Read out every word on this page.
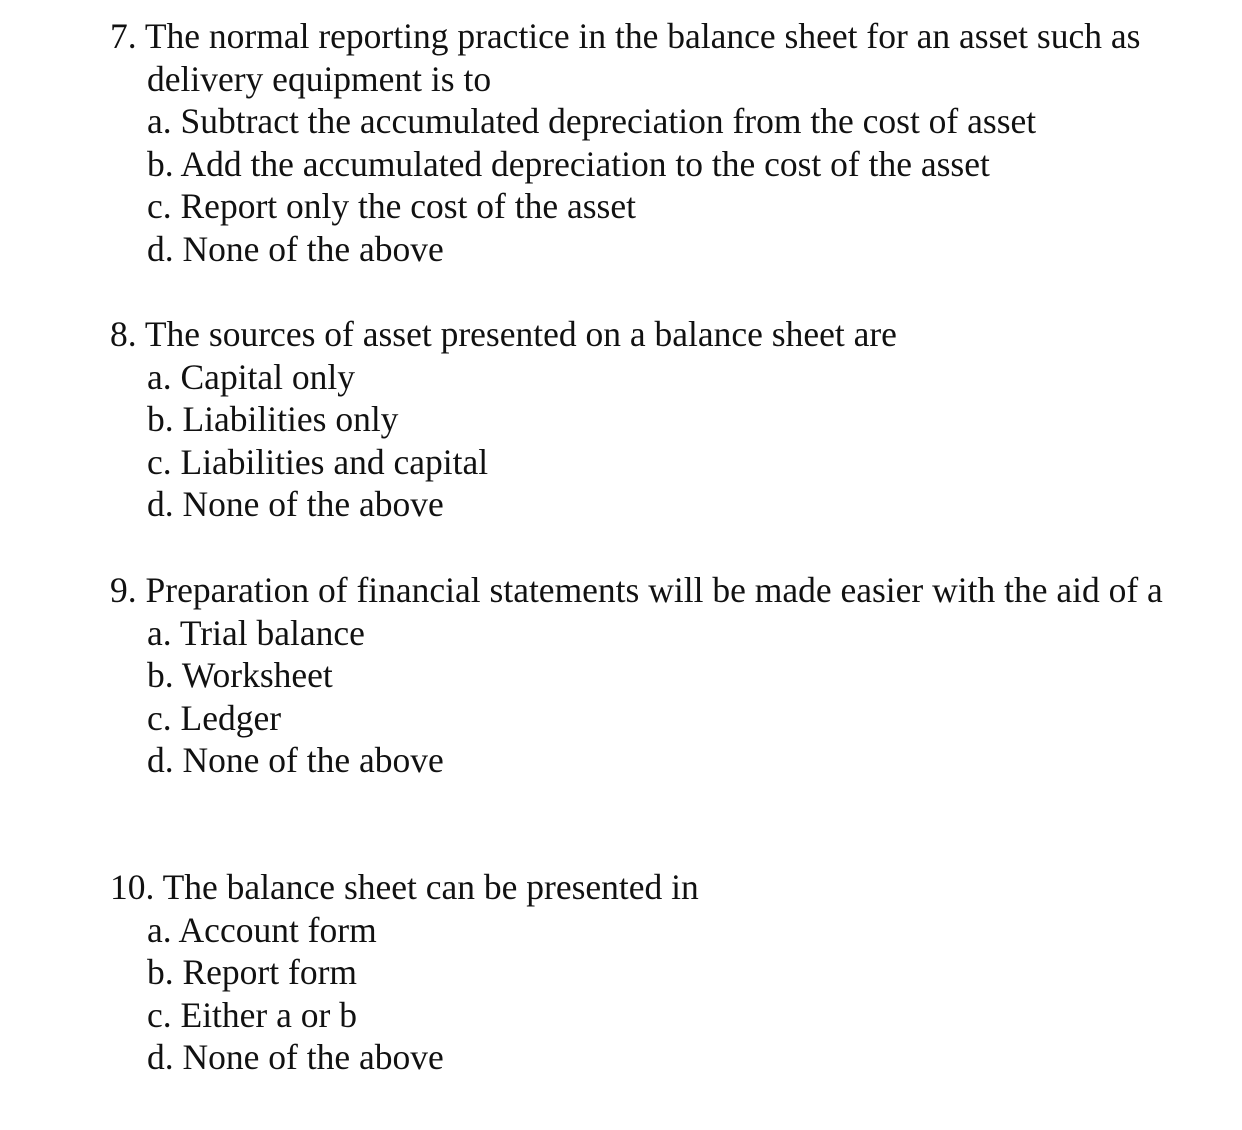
7. The normal reporting practice in the balance sheet for an asset such as delivery equipment is to

a. Subtract the accumulated depreciation from the cost of asset
b. Add the accumulated depreciation to the cost of the asset
c. Report only the cost of the asset
d. None of the above

8. The sources of asset presented on a balance sheet are

a. Capital only
b. Liabilities only
c. Liabilities and capital
d. None of the above

9. Preparation of financial statements will be made easier with the aid of a

a. Trial balance
b. Worksheet
c. Ledger
d. None of the above

10. The balance sheet can be presented in

a. Account form
b. Report form
c. Either a or b
d. None of the above
